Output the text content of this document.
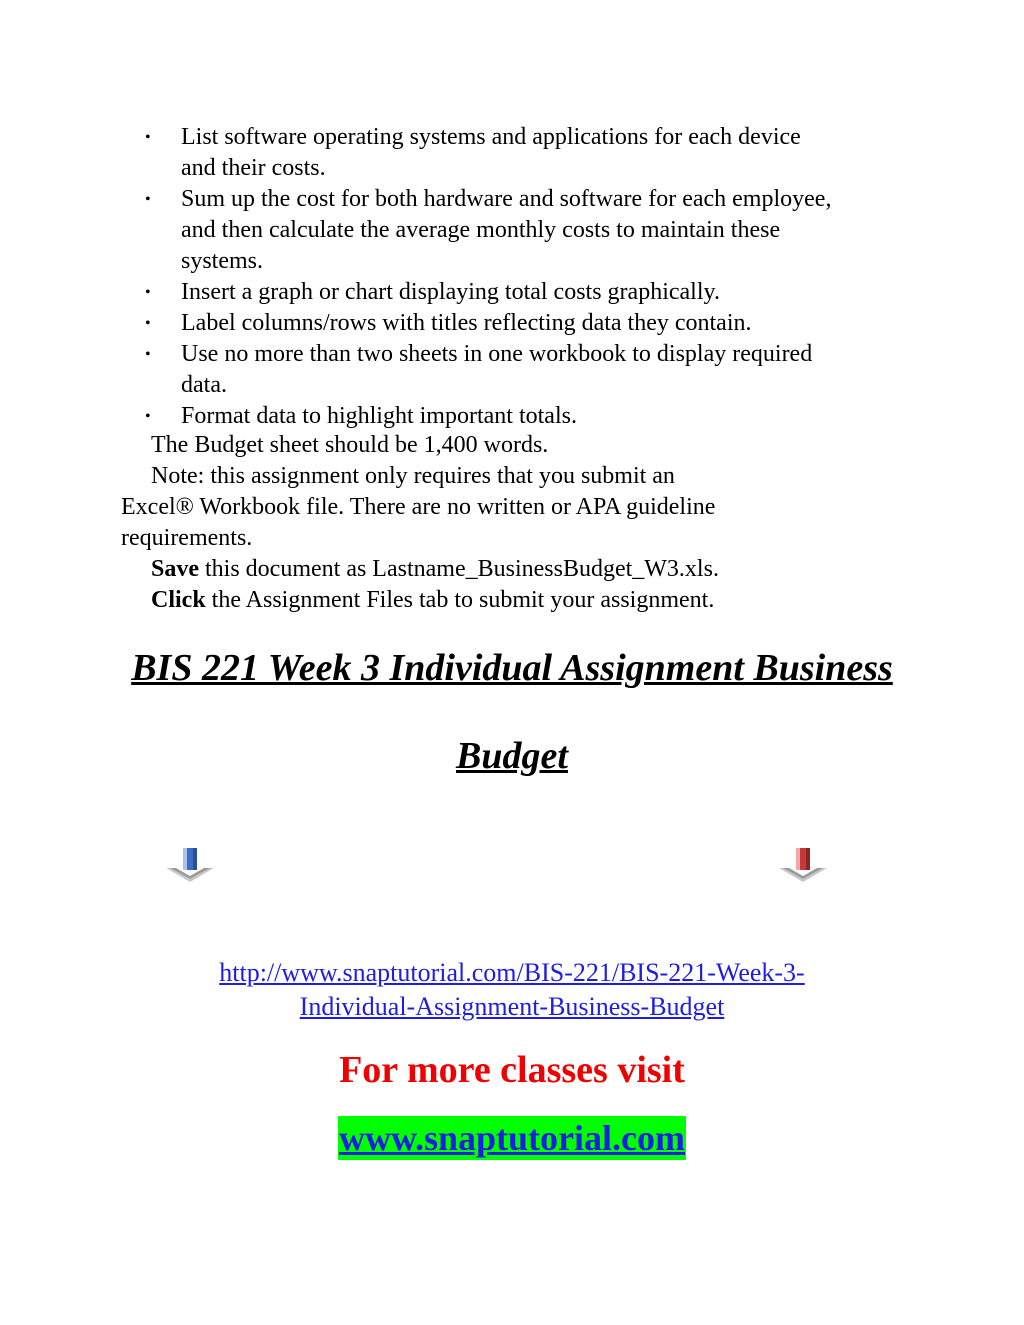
• List software operating systems and applications for each device
and their costs.
• Sum up the cost for both hardware and software for each employee,
and then calculate the average monthly costs to maintain these
systems.
• Insert a graph or chart displaying total costs graphically.
• Label columns/rows with titles reflecting data they contain.
• Use no more than two sheets in one workbook to display required
data.
• Format data to highlight important totals.

The Budget sheet should be 1,400 words.

Note: this assignment only requires that you submit an

Excel® Workbook file. There are no written or APA guideline

requirements.

Save this document as Lastname_BusinessBudget_W3.xls.

Click the Assignment Files tab to submit your assignment.

BIS 221 Week 3 Individual Assignment Business
Budget

http://www.snaptutorial.com/BIS-221/BIS-221-Week-3-

Individual-Assignment-Business-Budget

For more classes visit

www.snaptutorial.com
